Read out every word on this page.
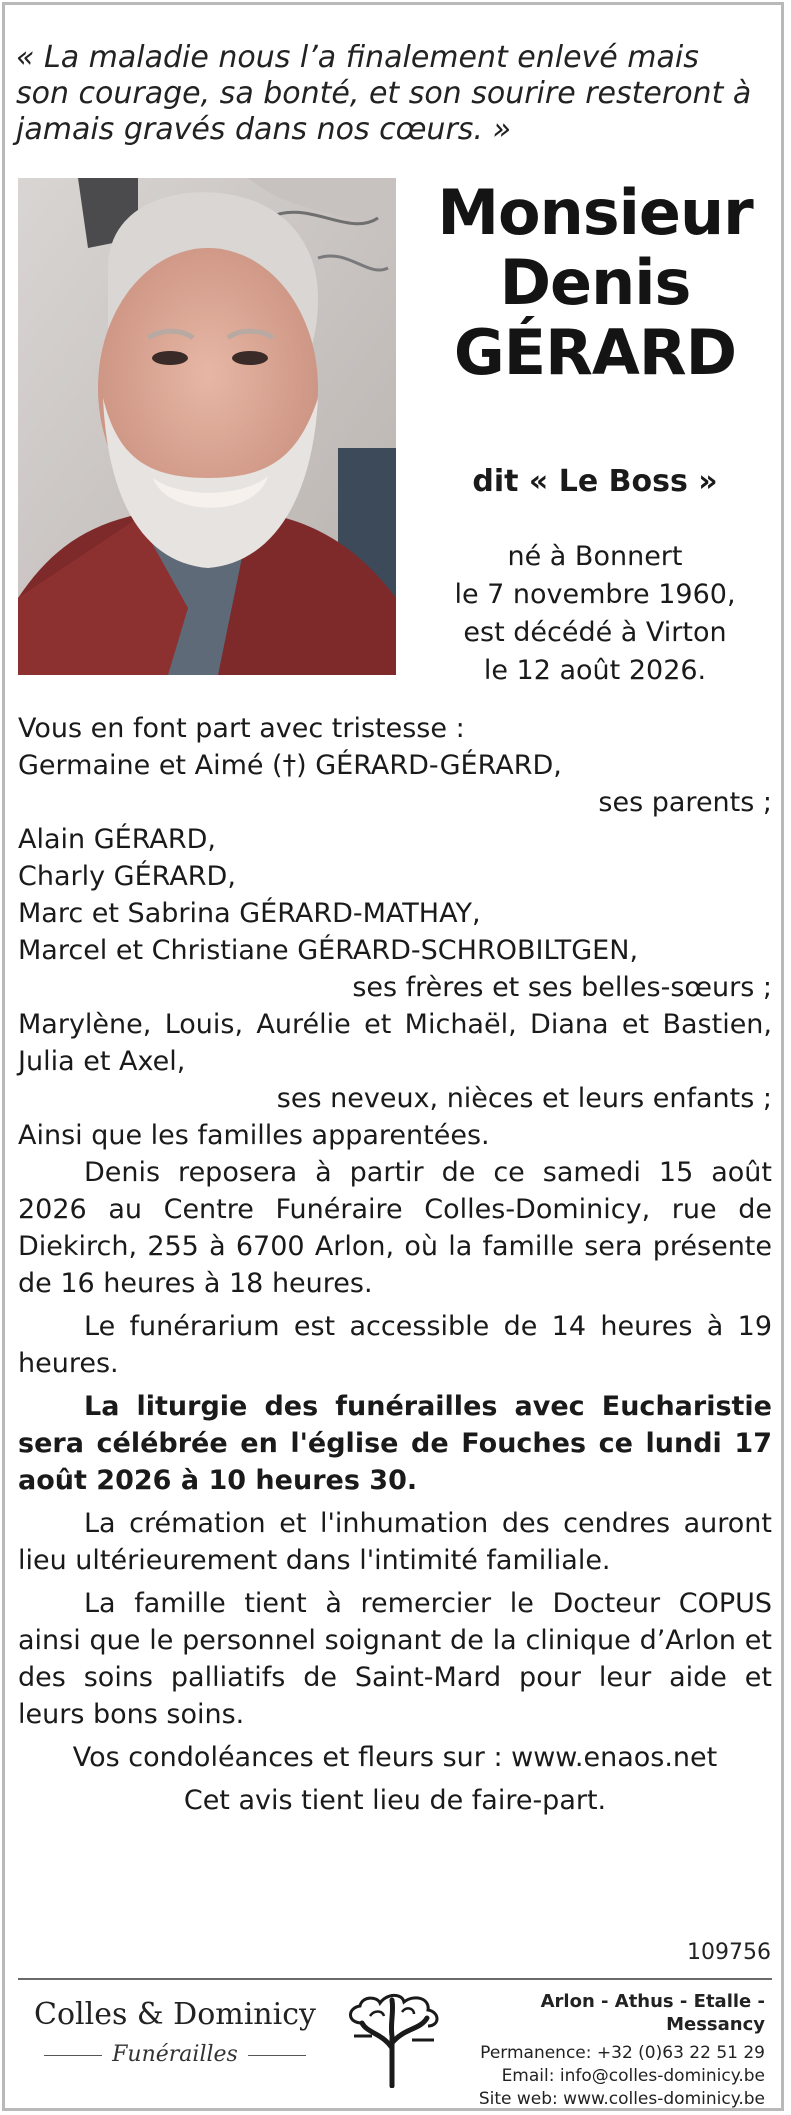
« La maladie nous l’a finalement enlevé mais son courage, sa bonté, et son sourire resteront à jamais gravés dans nos cœurs. »

Monsieur
Denis
GÉRARD
dit « Le Boss »
né à Bonnert
le 7 novembre 1960,
est décédé à Virton
le 12 août 2026.
Vous en font part avec tristesse :
Germaine et Aimé (†) GÉRARD-GÉRARD,
ses parents ;
Alain GÉRARD,
Charly GÉRARD,
Marc et Sabrina GÉRARD-MATHAY,
Marcel et Christiane GÉRARD-SCHROBILTGEN,
ses frères et ses belles-sœurs ;
Marylène, Louis, Aurélie et Michaël, Diana et Bastien, Julia et Axel,
ses neveux, nièces et leurs enfants ;
Ainsi que les familles apparentées.
Denis reposera à partir de ce samedi 15 août 2026 au Centre Funéraire Colles-Dominicy, rue de Diekirch, 255 à 6700 Arlon, où la famille sera présente de 16 heures à 18 heures.
Le funérarium est accessible de 14 heures à 19 heures.
La liturgie des funérailles avec Eucharistie sera célébrée en l'église de Fouches ce lundi 17 août 2026 à 10 heures 30.
La crémation et l'inhumation des cendres auront lieu ultérieurement dans l'intimité familiale.
La famille tient à remercier le Docteur COPUS ainsi que le personnel soignant de la clinique d’Arlon et des soins palliatifs de Saint-Mard pour leur aide et leurs bons soins.
Vos condoléances et fleurs sur : www.enaos.net
Cet avis tient lieu de faire-part.
109756
Colles & Dominicy
Funérailles
Arlon - Athus - Etalle - Messancy
Permanence: +32 (0)63 22 51 29
Email: info@colles-dominicy.be
Site web: www.colles-dominicy.be
